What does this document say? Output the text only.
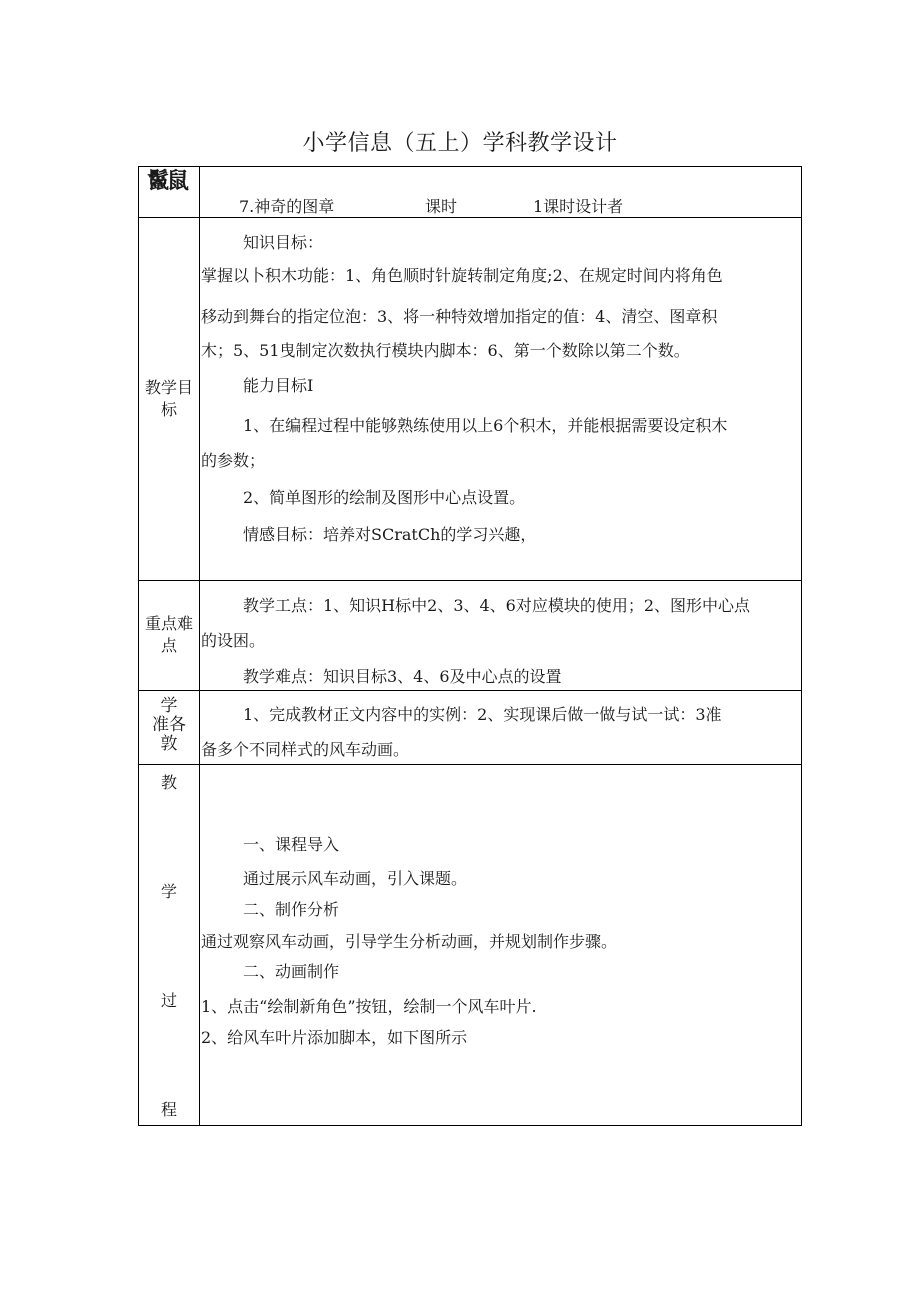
小学信息（五上）学科教学设计
鬣鼠
7.神奇的图章	课时	1课时设计者
教学目
标
知识目标：
掌握以卜积木功能：1、角色顺时针旋转制定角度;2、在规定时间内将角色
移动到舞台的指定位泡：3、将一种特效增加指定的值：4、清空、图章积
木；5、51曳制定次数执行模块内脚本：6、第一个数除以第二个数。
能力目标I
1、在编程过程中能够熟练使用以上6个积木，并能根据需要设定积木
的参数；
2、简单图形的绘制及图形中心点设置。
情感目标：培养对SCratCh的学习兴趣，
重点难
点
教学工点：1、知识H标中2、3、4、6对应模块的使用；2、图形中心点
的设困。
教学难点：知识目标3、4、6及中心点的设置
学
准各
敦
1、完成教材正文内容中的实例：2、实现课后做一做与试一试：3准
备多个不同样式的风车动画。
教
学
过
程
一、课程导入
通过展示风车动画，引入课题。
二、制作分析
通过观察风车动画，引导学生分析动画，并规划制作步骤。
二、动画制作
1、点击“绘制新角色”按钮，绘制一个风车叶片.
2、给风车叶片添加脚本，如下图所示
